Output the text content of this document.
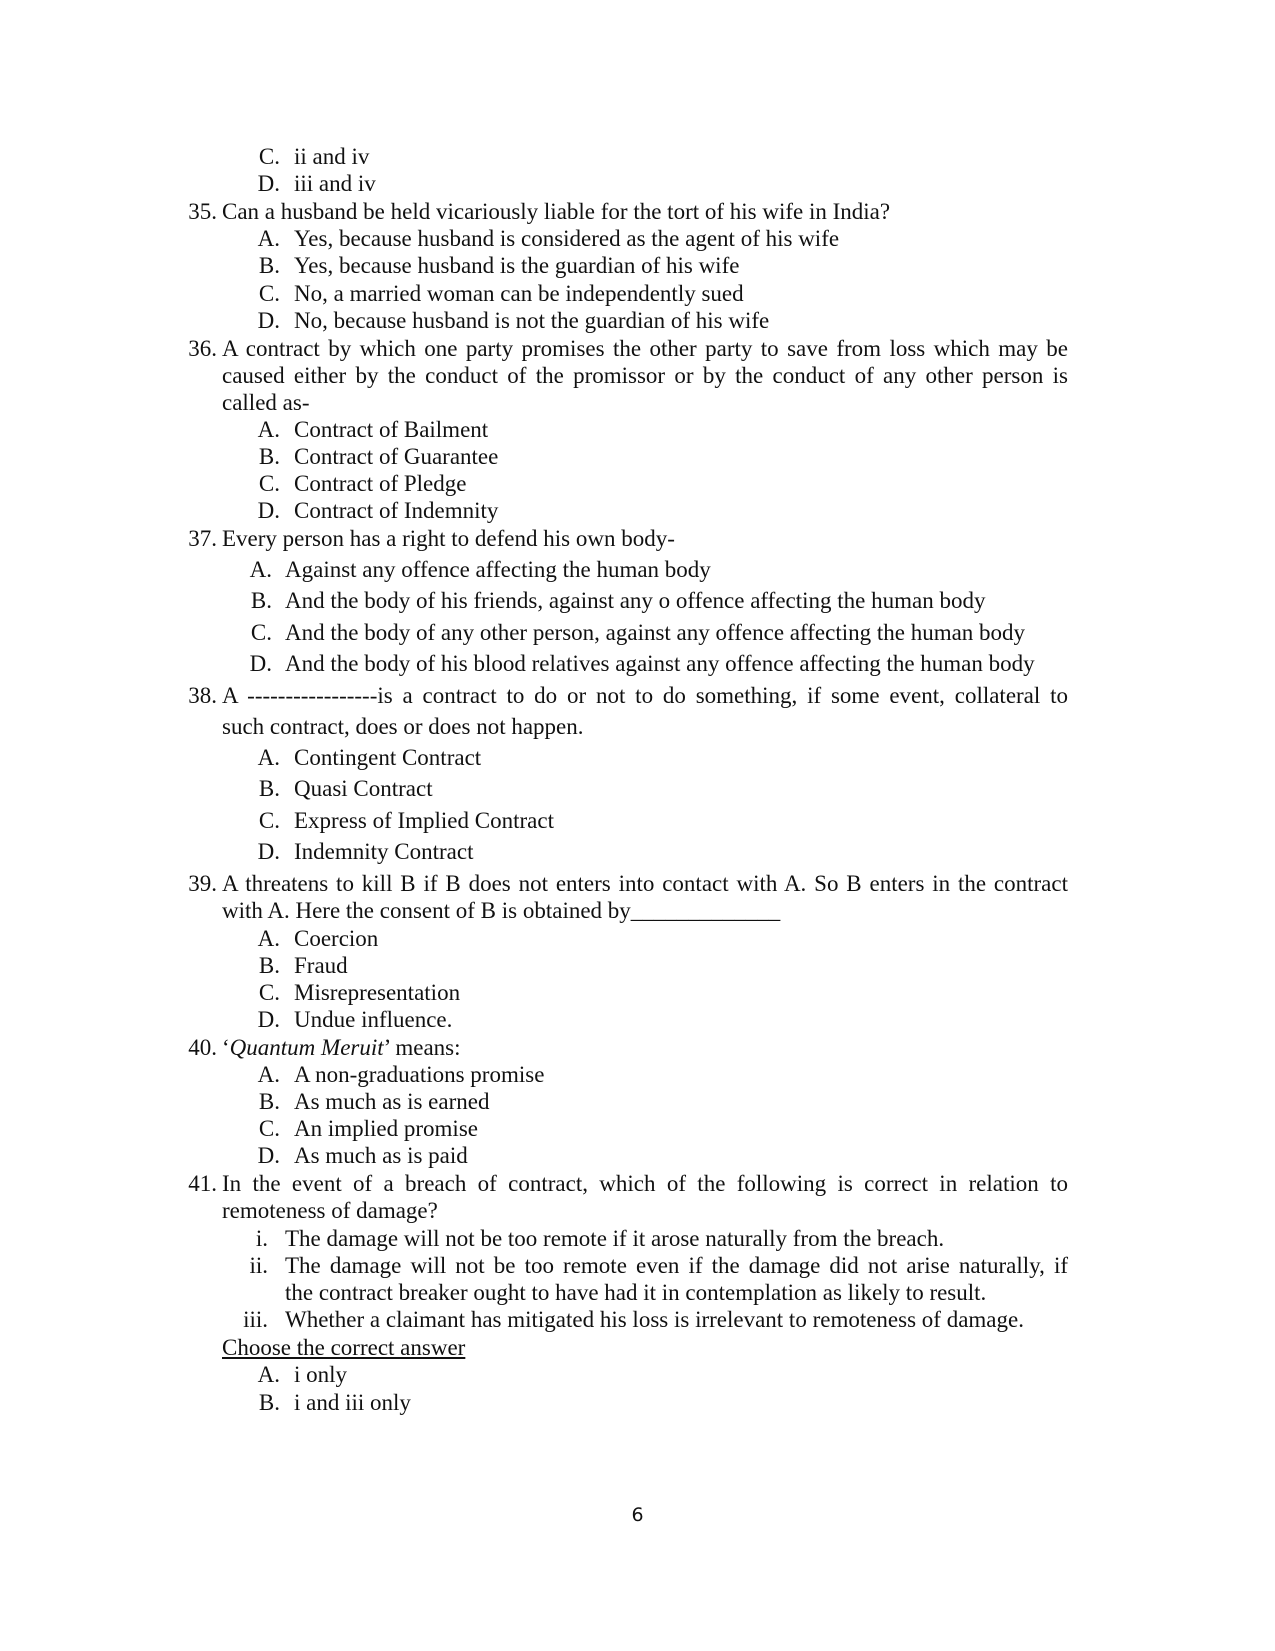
C. ii and iv
D. iii and iv
35. Can a husband be held vicariously liable for the tort of his wife in India?
A. Yes, because husband is considered as the agent of his wife
B. Yes, because husband is the guardian of his wife
C. No, a married woman can be independently sued
D. No, because husband is not the guardian of his wife
36. A contract by which one party promises the other party to save from loss which may be
caused either by the conduct of the promissor or by the conduct of any other person is
called as-
A. Contract of Bailment
B. Contract of Guarantee
C. Contract of Pledge
D. Contract of Indemnity
37. Every person has a right to defend his own body-
A. Against any offence affecting the human body
B. And the body of his friends, against any o offence affecting the human body
C. And the body of any other person, against any offence affecting the human body
D. And the body of his blood relatives against any offence affecting the human body
38. A -----------------is a contract to do or not to do something, if some event, collateral to
such contract, does or does not happen.
A. Contingent Contract
B. Quasi Contract
C. Express of Implied Contract
D. Indemnity Contract
39. A threatens to kill B if B does not enters into contact with A. So B enters in the contract
with A. Here the consent of B is obtained by_____________
A. Coercion
B. Fraud
C. Misrepresentation
D. Undue influence.
40. ‘Quantum Meruit’ means:
A. A non-graduations promise
B. As much as is earned
C. An implied promise
D. As much as is paid
41. In the event of a breach of contract, which of the following is correct in relation to
remoteness of damage?
i. The damage will not be too remote if it arose naturally from the breach.
ii. The damage will not be too remote even if the damage did not arise naturally, if
the contract breaker ought to have had it in contemplation as likely to result.
iii. Whether a claimant has mitigated his loss is irrelevant to remoteness of damage.
Choose the correct answer
A. i only
B. i and iii only
6
